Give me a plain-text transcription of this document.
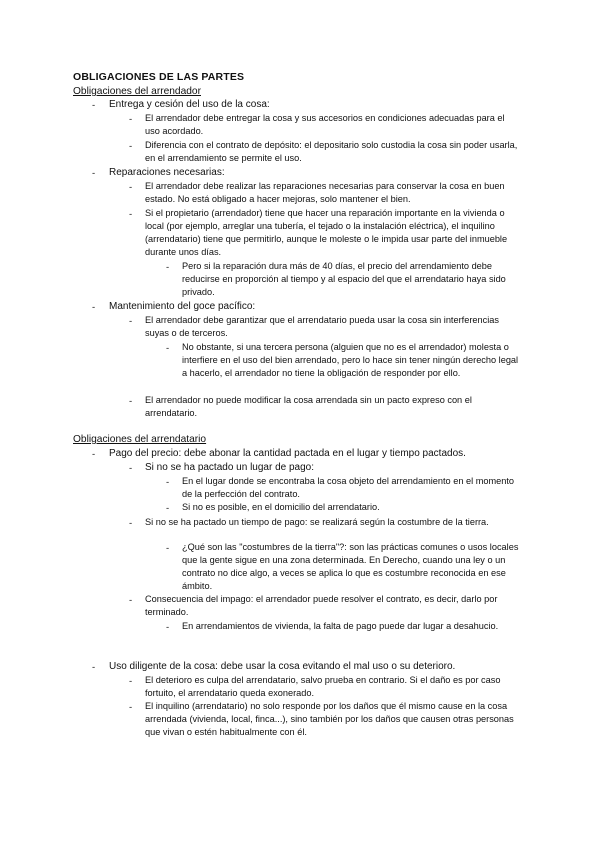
OBLIGACIONES DE LAS PARTES
Obligaciones del arrendador
- Entrega y cesión del uso de la cosa:
- El arrendador debe entregar la cosa y sus accesorios en condiciones adecuadas para el uso acordado.
- Diferencia con el contrato de depósito: el depositario solo custodia la cosa sin poder usarla, en el arrendamiento se permite el uso.
- Reparaciones necesarias:
- El arrendador debe realizar las reparaciones necesarias para conservar la cosa en buen estado. No está obligado a hacer mejoras, solo mantener el bien.
- Si el propietario (arrendador) tiene que hacer una reparación importante en la vivienda o local (por ejemplo, arreglar una tubería, el tejado o la instalación eléctrica), el inquilino (arrendatario) tiene que permitirlo, aunque le moleste o le impida usar parte del inmueble durante unos días.
- Pero si la reparación dura más de 40 días, el precio del arrendamiento debe reducirse en proporción al tiempo y al espacio del que el arrendatario haya sido privado.
- Mantenimiento del goce pacífico:
- El arrendador debe garantizar que el arrendatario pueda usar la cosa sin interferencias suyas o de terceros.
- No obstante, si una tercera persona (alguien que no es el arrendador) molesta o interfiere en el uso del bien arrendado, pero lo hace sin tener ningún derecho legal a hacerlo, el arrendador no tiene la obligación de responder por ello.
- El arrendador no puede modificar la cosa arrendada sin un pacto expreso con el arrendatario.
Obligaciones del arrendatario
- Pago del precio: debe abonar la cantidad pactada en el lugar y tiempo pactados.
- Si no se ha pactado un lugar de pago:
- En el lugar donde se encontraba la cosa objeto del arrendamiento en el momento de la perfección del contrato.
- Si no es posible, en el domicilio del arrendatario.
- Si no se ha pactado un tiempo de pago: se realizará según la costumbre de la tierra.
- ¿Qué son las "costumbres de la tierra"?: son las prácticas comunes o usos locales que la gente sigue en una zona determinada. En Derecho, cuando una ley o un contrato no dice algo, a veces se aplica lo que es costumbre reconocida en ese ámbito.
- Consecuencia del impago: el arrendador puede resolver el contrato, es decir, darlo por terminado.
- En arrendamientos de vivienda, la falta de pago puede dar lugar a desahucio.
- Uso diligente de la cosa: debe usar la cosa evitando el mal uso o su deterioro.
- El deterioro es culpa del arrendatario, salvo prueba en contrario. Si el daño es por caso fortuito, el arrendatario queda exonerado.
- El inquilino (arrendatario) no solo responde por los daños que él mismo cause en la cosa arrendada (vivienda, local, finca...), sino también por los daños que causen otras personas que vivan o estén habitualmente con él.
